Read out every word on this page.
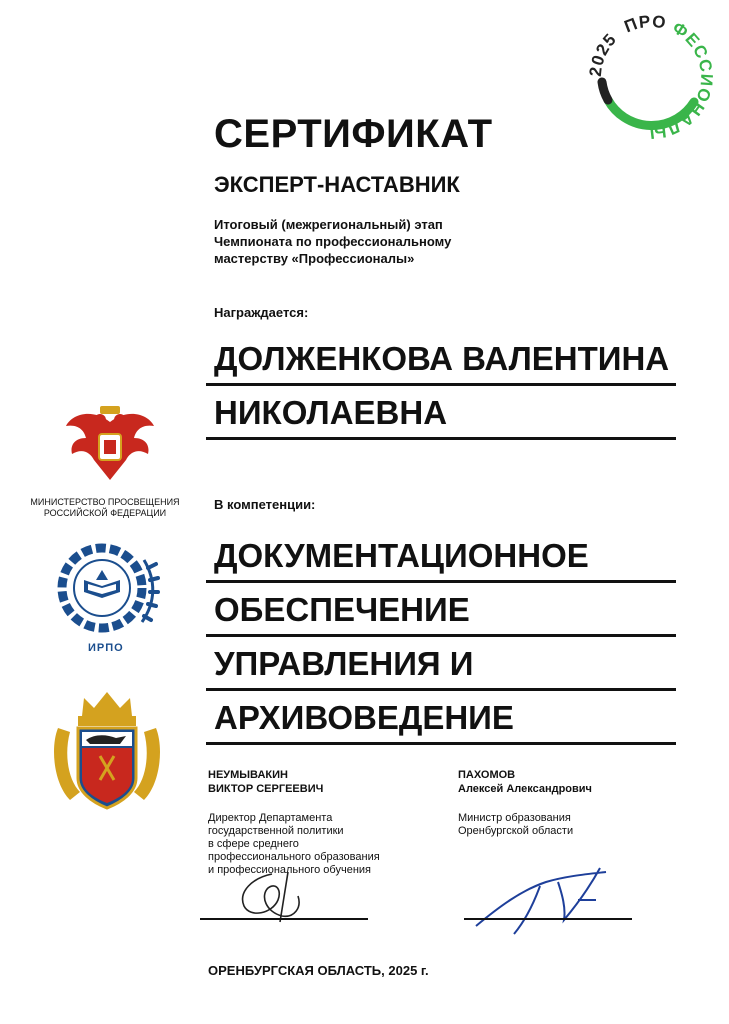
СЕРТИФИКАТ
ЭКСПЕРТ-НАСТАВНИК
Итоговый (межрегиональный) этап
Чемпионата по профессиональному
мастерству «Профессионалы»
2025 ПРО ФЕССИОНАЛЫ
МИНИСТЕРСТВО ПРОСВЕЩЕНИЯ
РОССИЙСКОЙ ФЕДЕРАЦИИ
ИРПО
Награждается:
ДОЛЖЕНКОВА ВАЛЕНТИНА
НИКОЛАЕВНА
В компетенции:
ДОКУМЕНТАЦИОННОЕ
ОБЕСПЕЧЕНИЕ
УПРАВЛЕНИЯ И
АРХИВОВЕДЕНИЕ
НЕУМЫВАКИН
ВИКТОР СЕРГЕЕВИЧ
Директор Департамента
государственной политики
в сфере среднего
профессионального образования
и профессионального обучения
ПАХОМОВ
Алексей Александрович
Министр образования
Оренбургской области
ОРЕНБУРГСКАЯ ОБЛАСТЬ, 2025 г.
